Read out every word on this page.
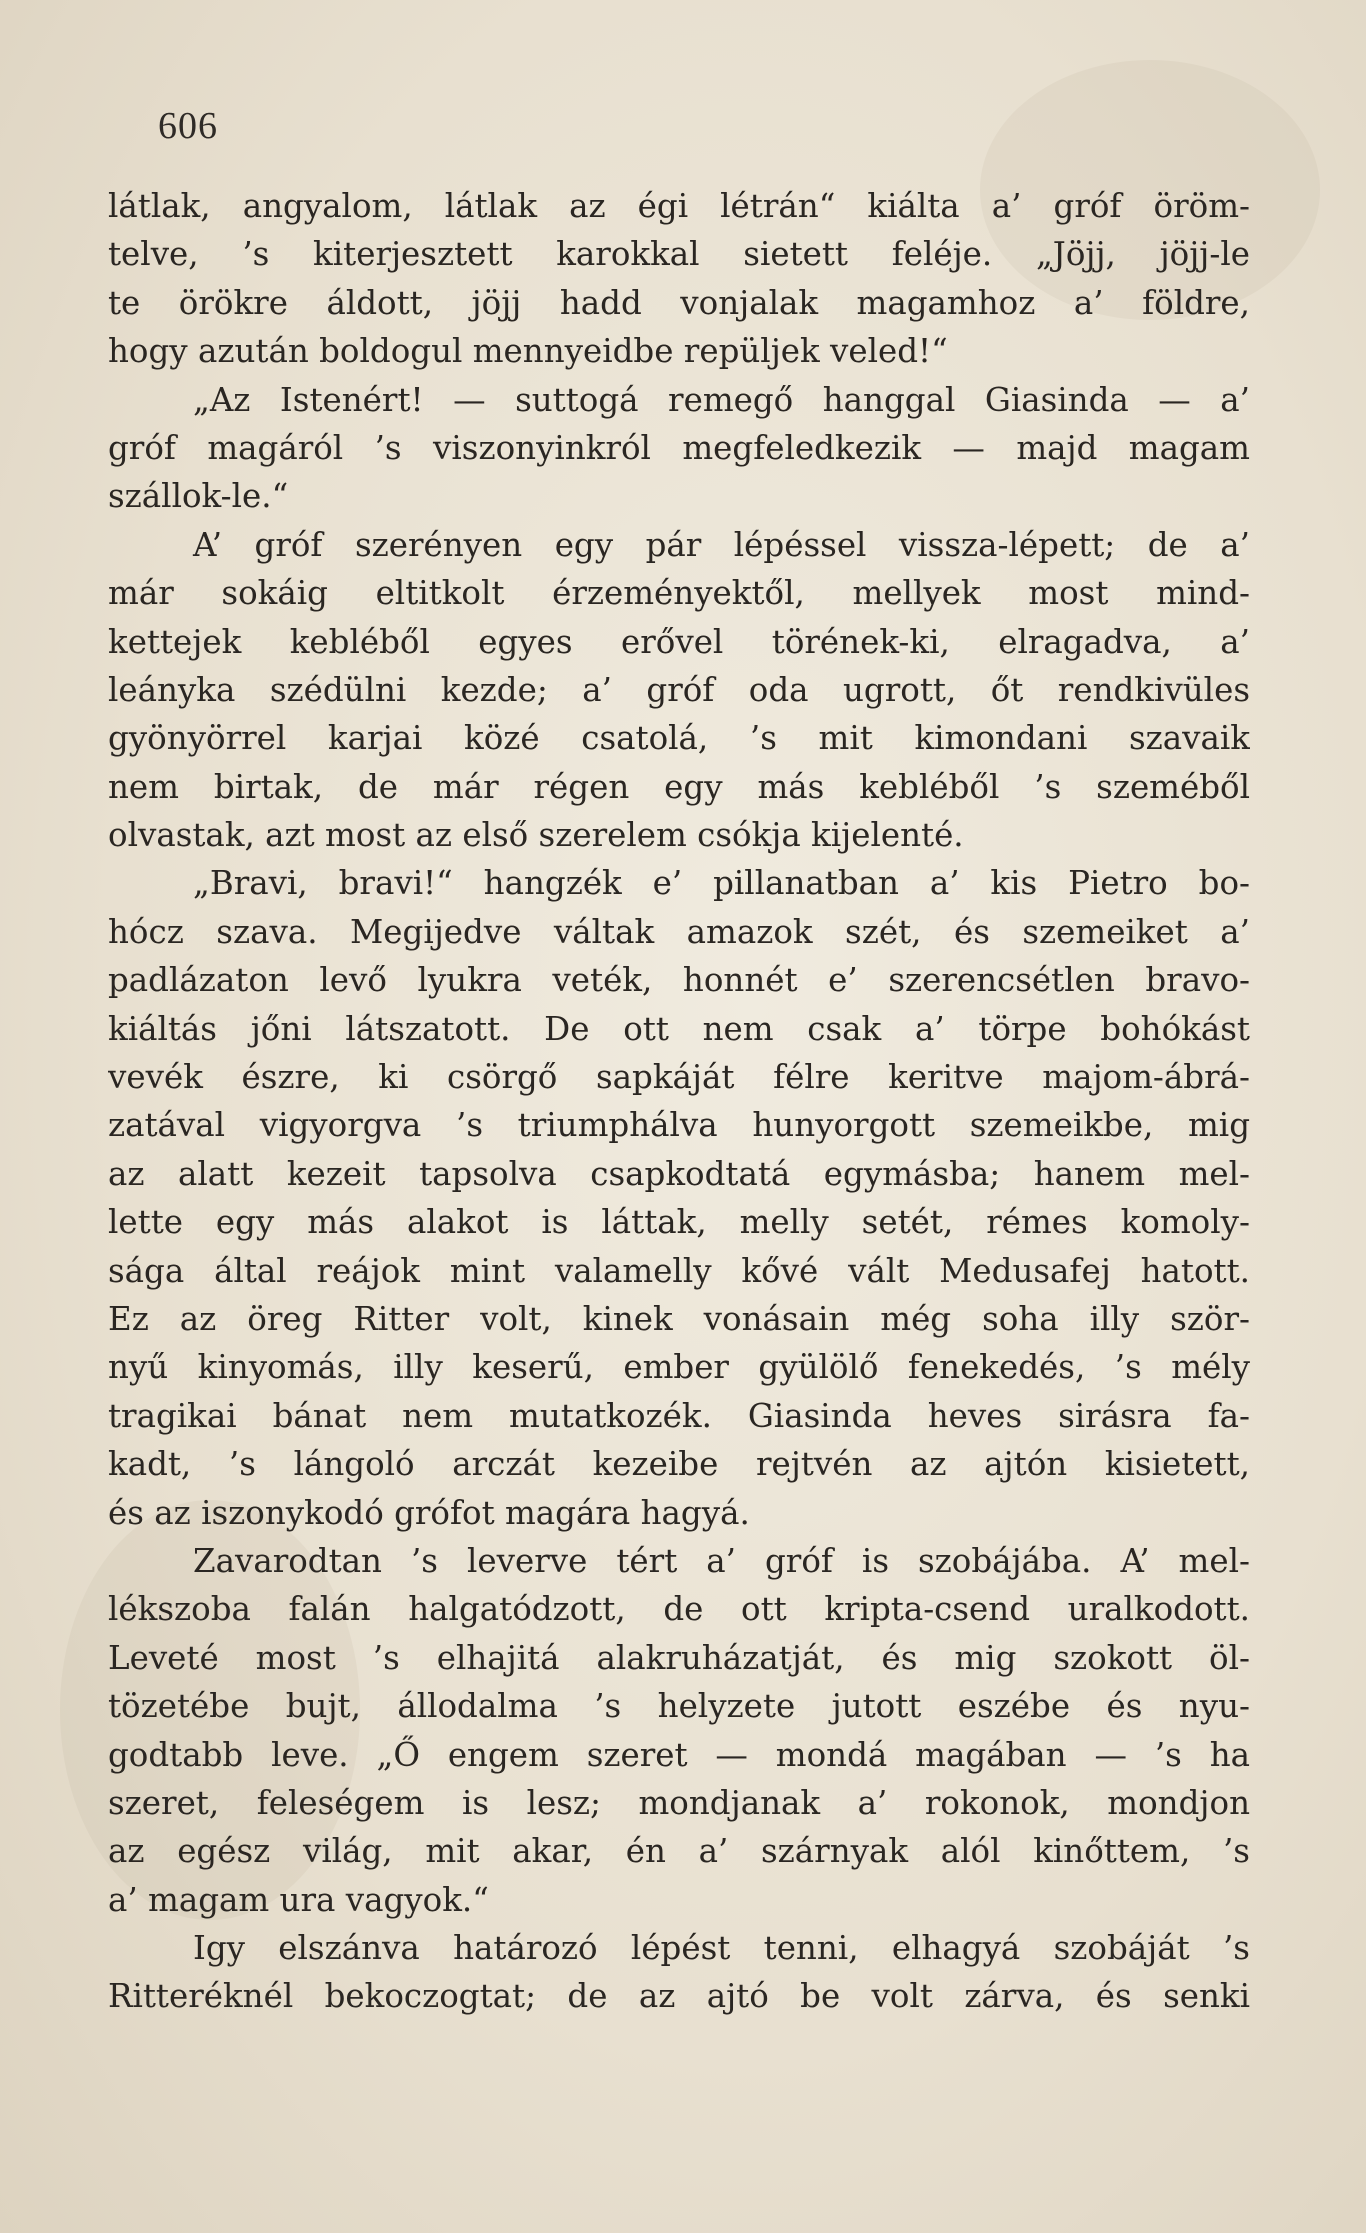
606
látlak, angyalom, látlak az égi létrán“ kiálta a’ gróf öröm-
telve, ’s kiterjesztett karokkal sietett feléje. „Jöjj, jöjj-le
te örökre áldott, jöjj hadd vonjalak magamhoz a’ földre,
hogy azután boldogul mennyeidbe repüljek veled!“
„Az Istenért! — suttogá remegő hanggal Giasinda — a’
gróf magáról ’s viszonyinkról megfeledkezik — majd magam
szállok-le.“
A’ gróf szerényen egy pár lépéssel vissza-lépett; de a’
már sokáig eltitkolt érzeményektől, mellyek most mind-
kettejek kebléből egyes erővel törének-ki, elragadva, a’
leányka szédülni kezde; a’ gróf oda ugrott, őt rendkivüles
gyönyörrel karjai közé csatolá, ’s mit kimondani szavaik
nem birtak, de már régen egy más kebléből ’s szeméből
olvastak, azt most az első szerelem csókja kijelenté.
„Bravi, bravi!“ hangzék e’ pillanatban a’ kis Pietro bo-
hócz szava. Megijedve váltak amazok szét, és szemeiket a’
padlázaton levő lyukra veték, honnét e’ szerencsétlen bravo-
kiáltás jőni látszatott. De ott nem csak a’ törpe bohókást
vevék észre, ki csörgő sapkáját félre keritve majom-ábrá-
zatával vigyorgva ’s triumphálva hunyorgott szemeikbe, mig
az alatt kezeit tapsolva csapkodtatá egymásba; hanem mel-
lette egy más alakot is láttak, melly setét, rémes komoly-
sága által reájok mint valamelly kővé vált Medusafej hatott.
Ez az öreg Ritter volt, kinek vonásain még soha illy ször-
nyű kinyomás, illy keserű, ember gyülölő fenekedés, ’s mély
tragikai bánat nem mutatkozék. Giasinda heves sirásra fa-
kadt, ’s lángoló arczát kezeibe rejtvén az ajtón kisietett,
és az iszonykodó grófot magára hagyá.
Zavarodtan ’s leverve tért a’ gróf is szobájába. A’ mel-
lékszoba falán halgatódzott, de ott kripta-csend uralkodott.
Leveté most ’s elhajitá alakruházatját, és mig szokott öl-
tözetébe bujt, állodalma ’s helyzete jutott eszébe és nyu-
godtabb leve. „Ő engem szeret — mondá magában — ’s ha
szeret, feleségem is lesz; mondjanak a’ rokonok, mondjon
az egész világ, mit akar, én a’ szárnyak alól kinőttem, ’s
a’ magam ura vagyok.“
Igy elszánva határozó lépést tenni, elhagyá szobáját ’s
Ritteréknél bekoczogtat; de az ajtó be volt zárva, és senki
